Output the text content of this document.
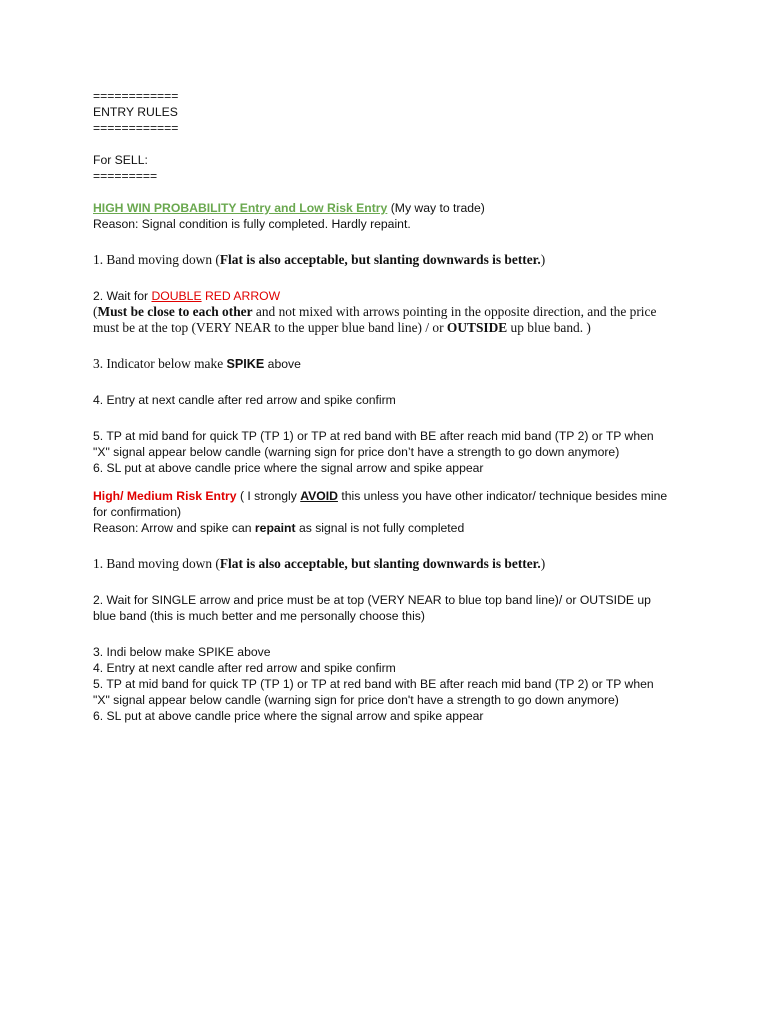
============
ENTRY RULES
============
For SELL:
=========
HIGH WIN PROBABILITY Entry and Low Risk Entry (My way to trade)
Reason: Signal condition is fully completed. Hardly repaint.
1. Band moving down (Flat is also acceptable, but slanting downwards is better.)
2. Wait for DOUBLE RED ARROW
(Must be close to each other and not mixed with arrows pointing in the opposite direction, and the price must be at the top (VERY NEAR to the upper blue band line) / or OUTSIDE up blue band. )
3. Indicator below make SPIKE above
4. Entry at next candle after red arrow and spike confirm
5. TP at mid band for quick TP (TP 1) or TP at red band with BE after reach mid band (TP 2) or TP when "X" signal appear below candle (warning sign for price don’t have a strength to go down anymore)
6. SL put at above candle price where the signal arrow and spike appear
High/ Medium Risk Entry ( I strongly AVOID this unless you have other indicator/ technique besides mine for confirmation)
Reason: Arrow and spike can repaint as signal is not fully completed
1. Band moving down (Flat is also acceptable, but slanting downwards is better.)
2. Wait for SINGLE arrow and price must be at top (VERY NEAR to blue top band line)/ or OUTSIDE up blue band (this is much better and me personally choose this)
3. Indi below make SPIKE above
4. Entry at next candle after red arrow and spike confirm
5. TP at mid band for quick TP (TP 1) or TP at red band with BE after reach mid band (TP 2) or TP when "X" signal appear below candle (warning sign for price don't have a strength to go down anymore)
6. SL put at above candle price where the signal arrow and spike appear
